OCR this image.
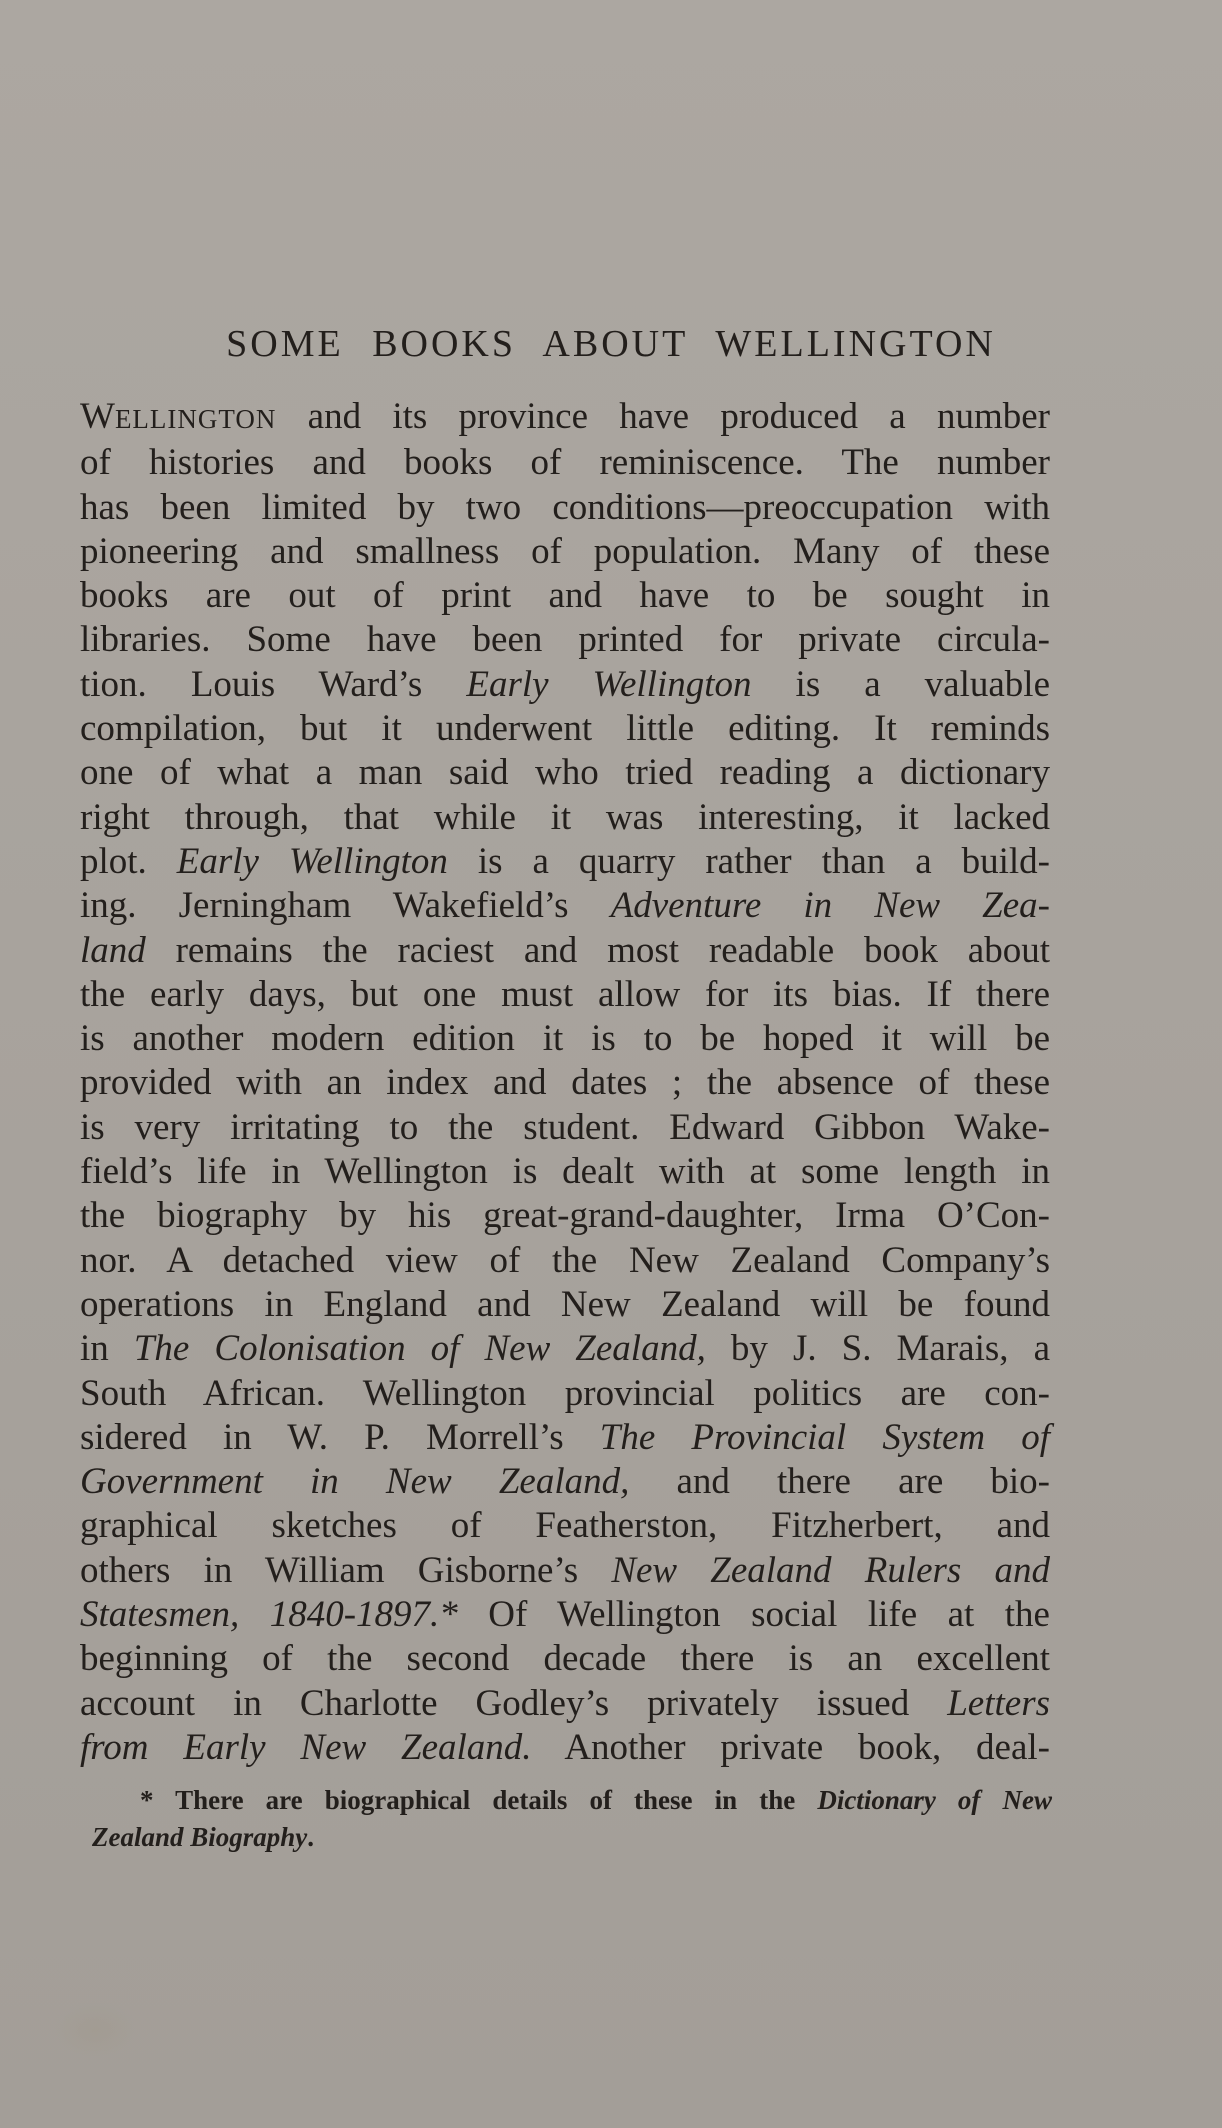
SOME BOOKS ABOUT WELLINGTON
WELLINGTON and its province have produced a number
of histories and books of reminiscence. The number
has been limited by two conditions—preoccupation with
pioneering and smallness of population. Many of these
books are out of print and have to be sought in
libraries. Some have been printed for private circula-
tion. Louis Ward’s Early Wellington is a valuable
compilation, but it underwent little editing. It reminds
one of what a man said who tried reading a dictionary
right through, that while it was interesting, it lacked
plot. Early Wellington is a quarry rather than a build-
ing. Jerningham Wakefield’s Adventure in New Zea-
land remains the raciest and most readable book about
the early days, but one must allow for its bias. If there
is another modern edition it is to be hoped it will be
provided with an index and dates ; the absence of these
is very irritating to the student. Edward Gibbon Wake-
field’s life in Wellington is dealt with at some length in
the biography by his great-grand-daughter, Irma O’Con-
nor. A detached view of the New Zealand Company’s
operations in England and New Zealand will be found
in The Colonisation of New Zealand, by J. S. Marais, a
South African. Wellington provincial politics are con-
sidered in W. P. Morrell’s The Provincial System of
Government in New Zealand, and there are bio-
graphical sketches of Featherston, Fitzherbert, and
others in William Gisborne’s New Zealand Rulers and
Statesmen, 1840-1897.* Of Wellington social life at the
beginning of the second decade there is an excellent
account in Charlotte Godley’s privately issued Letters
from Early New Zealand. Another private book, deal-
* There are biographical details of these in the Dictionary of New
Zealand Biography.
